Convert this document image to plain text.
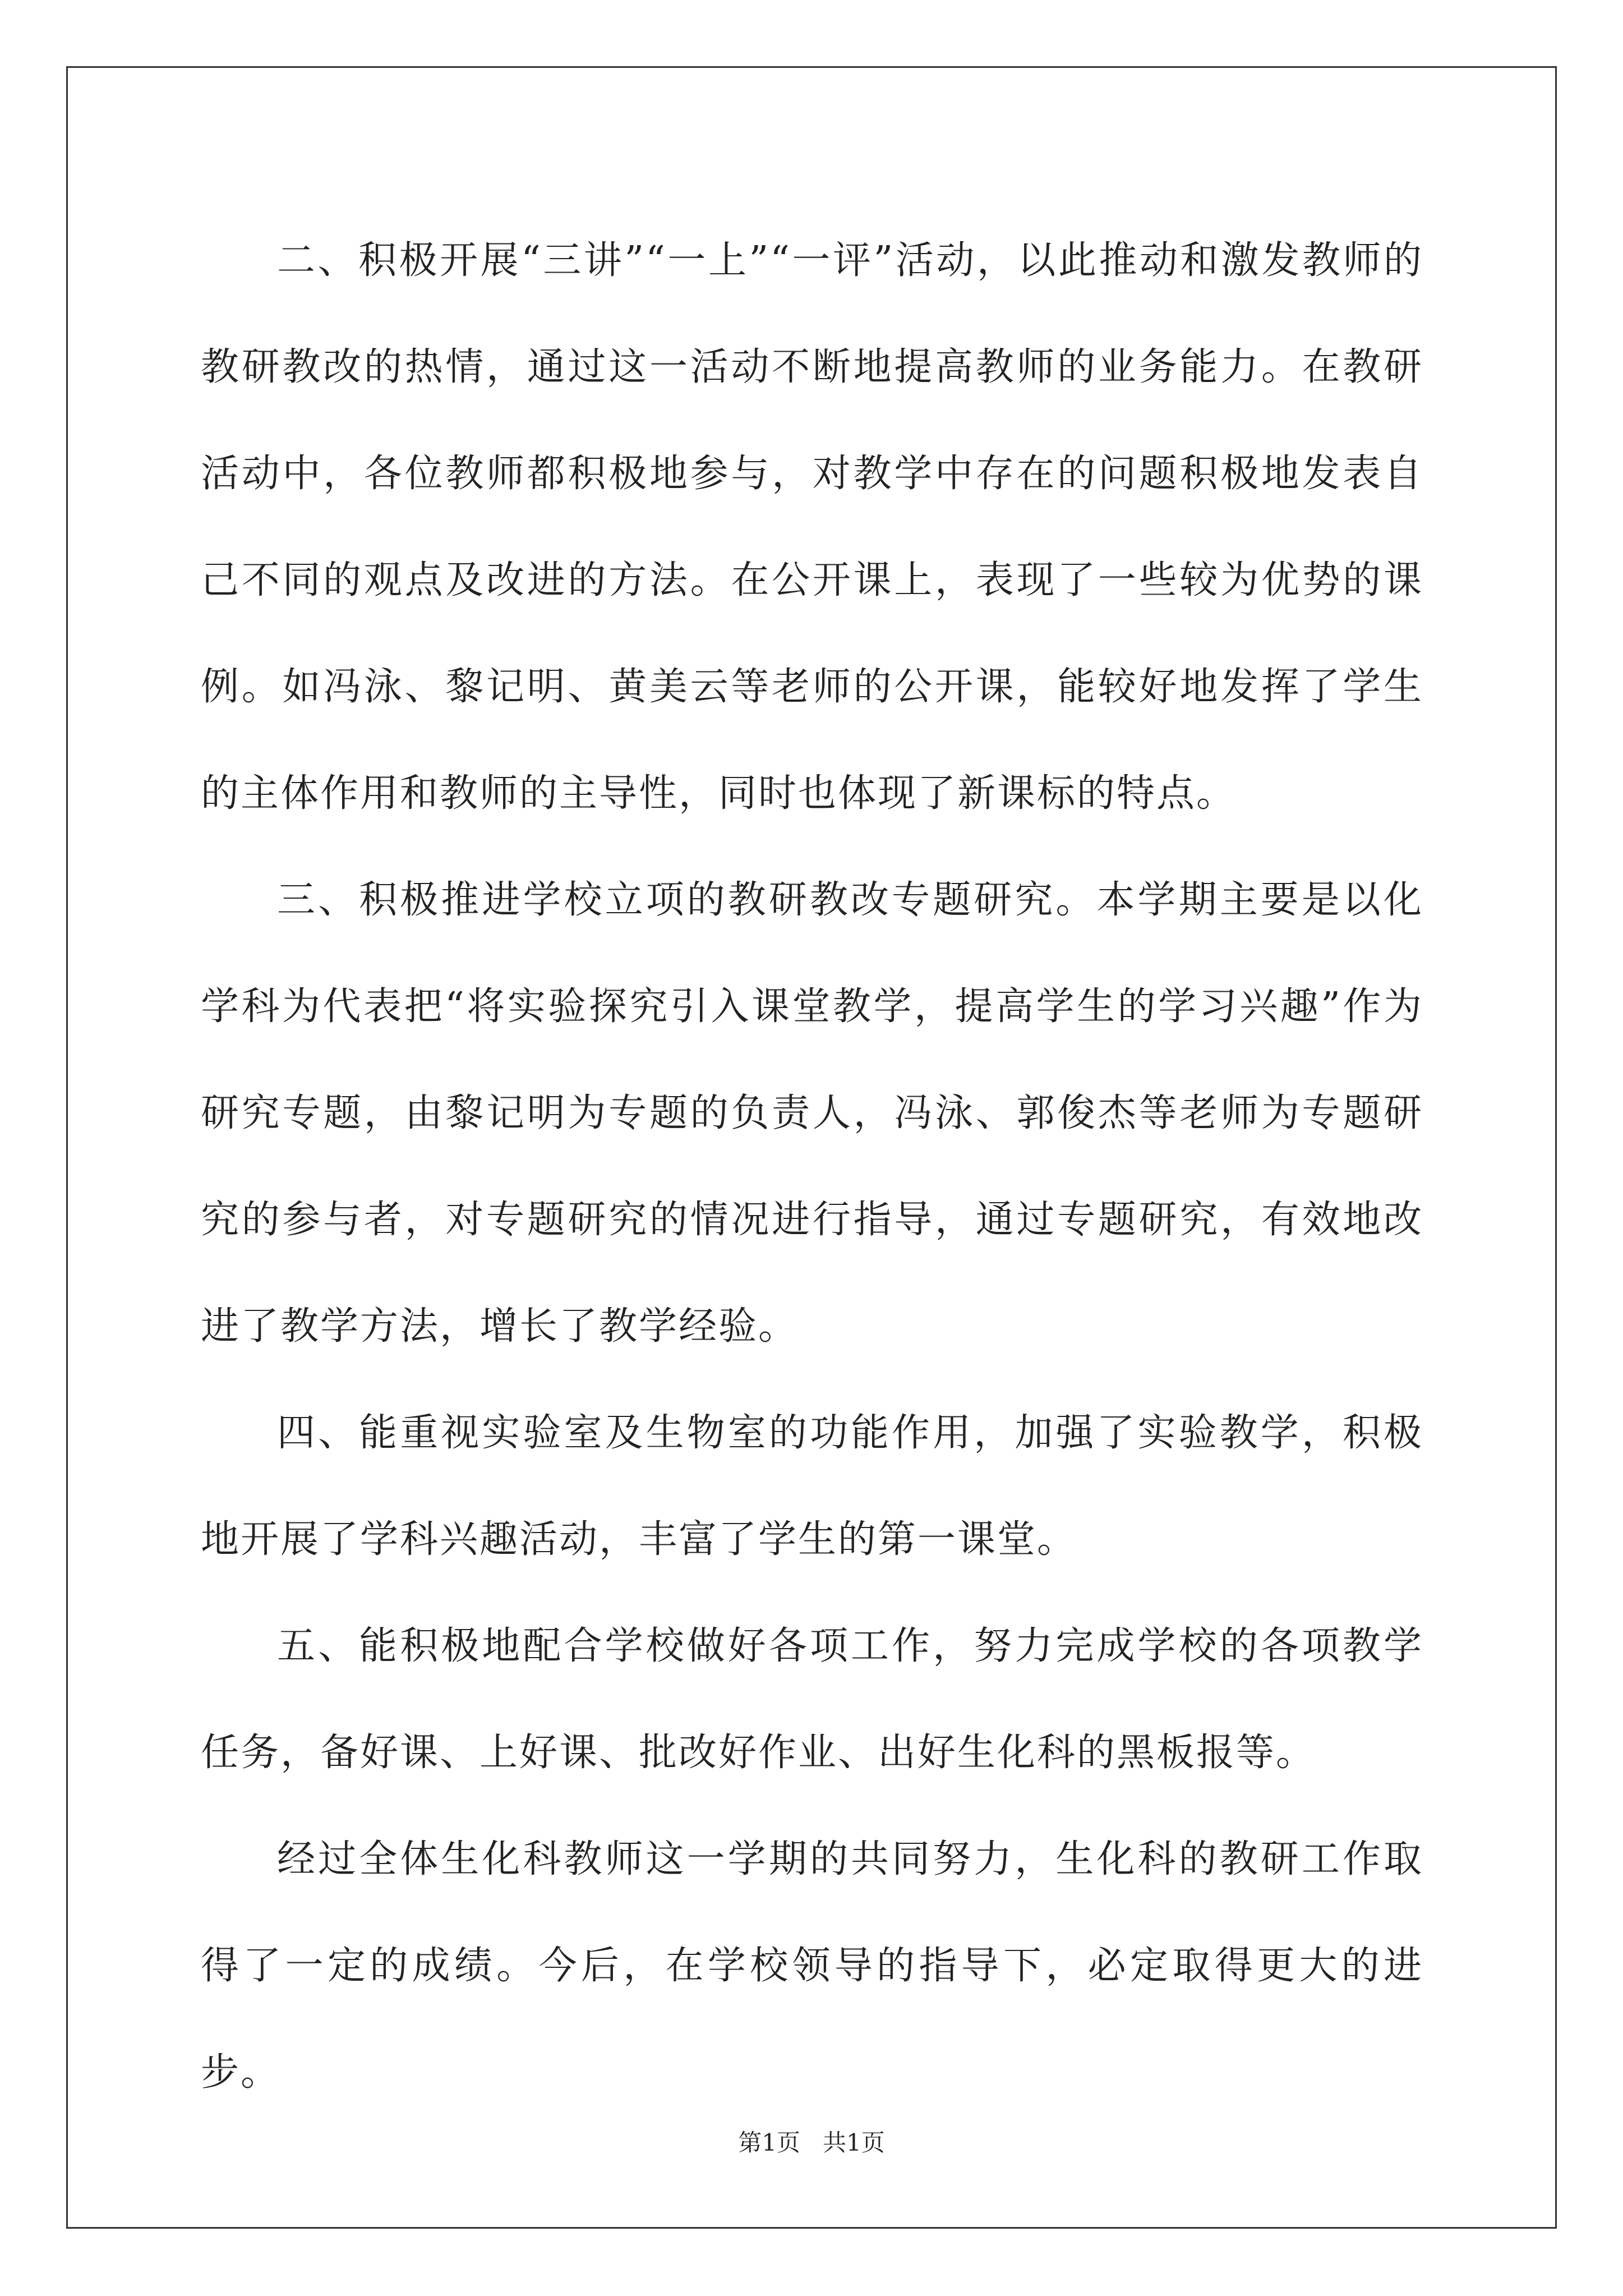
二、积极开展“三讲”“一上”“一评”活动，以此推动和激发教师的教研教改的热情，通过这一活动不断地提高教师的业务能力。在教研活动中，各位教师都积极地参与，对教学中存在的问题积极地发表自己不同的观点及改进的方法。在公开课上，表现了一些较为优势的课例。如冯泳、黎记明、黄美云等老师的公开课，能较好地发挥了学生的主体作用和教师的主导性，同时也体现了新课标的特点。

三、积极推进学校立项的教研教改专题研究。本学期主要是以化学科为代表把“将实验探究引入课堂教学，提高学生的学习兴趣”作为研究专题，由黎记明为专题的负责人，冯泳、郭俊杰等老师为专题研究的参与者，对专题研究的情况进行指导，通过专题研究，有效地改进了教学方法，增长了教学经验。

四、能重视实验室及生物室的功能作用，加强了实验教学，积极地开展了学科兴趣活动，丰富了学生的第一课堂。

五、能积极地配合学校做好各项工作，努力完成学校的各项教学任务，备好课、上好课、批改好作业、出好生化科的黑板报等。

经过全体生化科教师这一学期的共同努力，生化科的教研工作取得了一定的成绩。今后，在学校领导的指导下，必定取得更大的进步。

第1页 共1页
